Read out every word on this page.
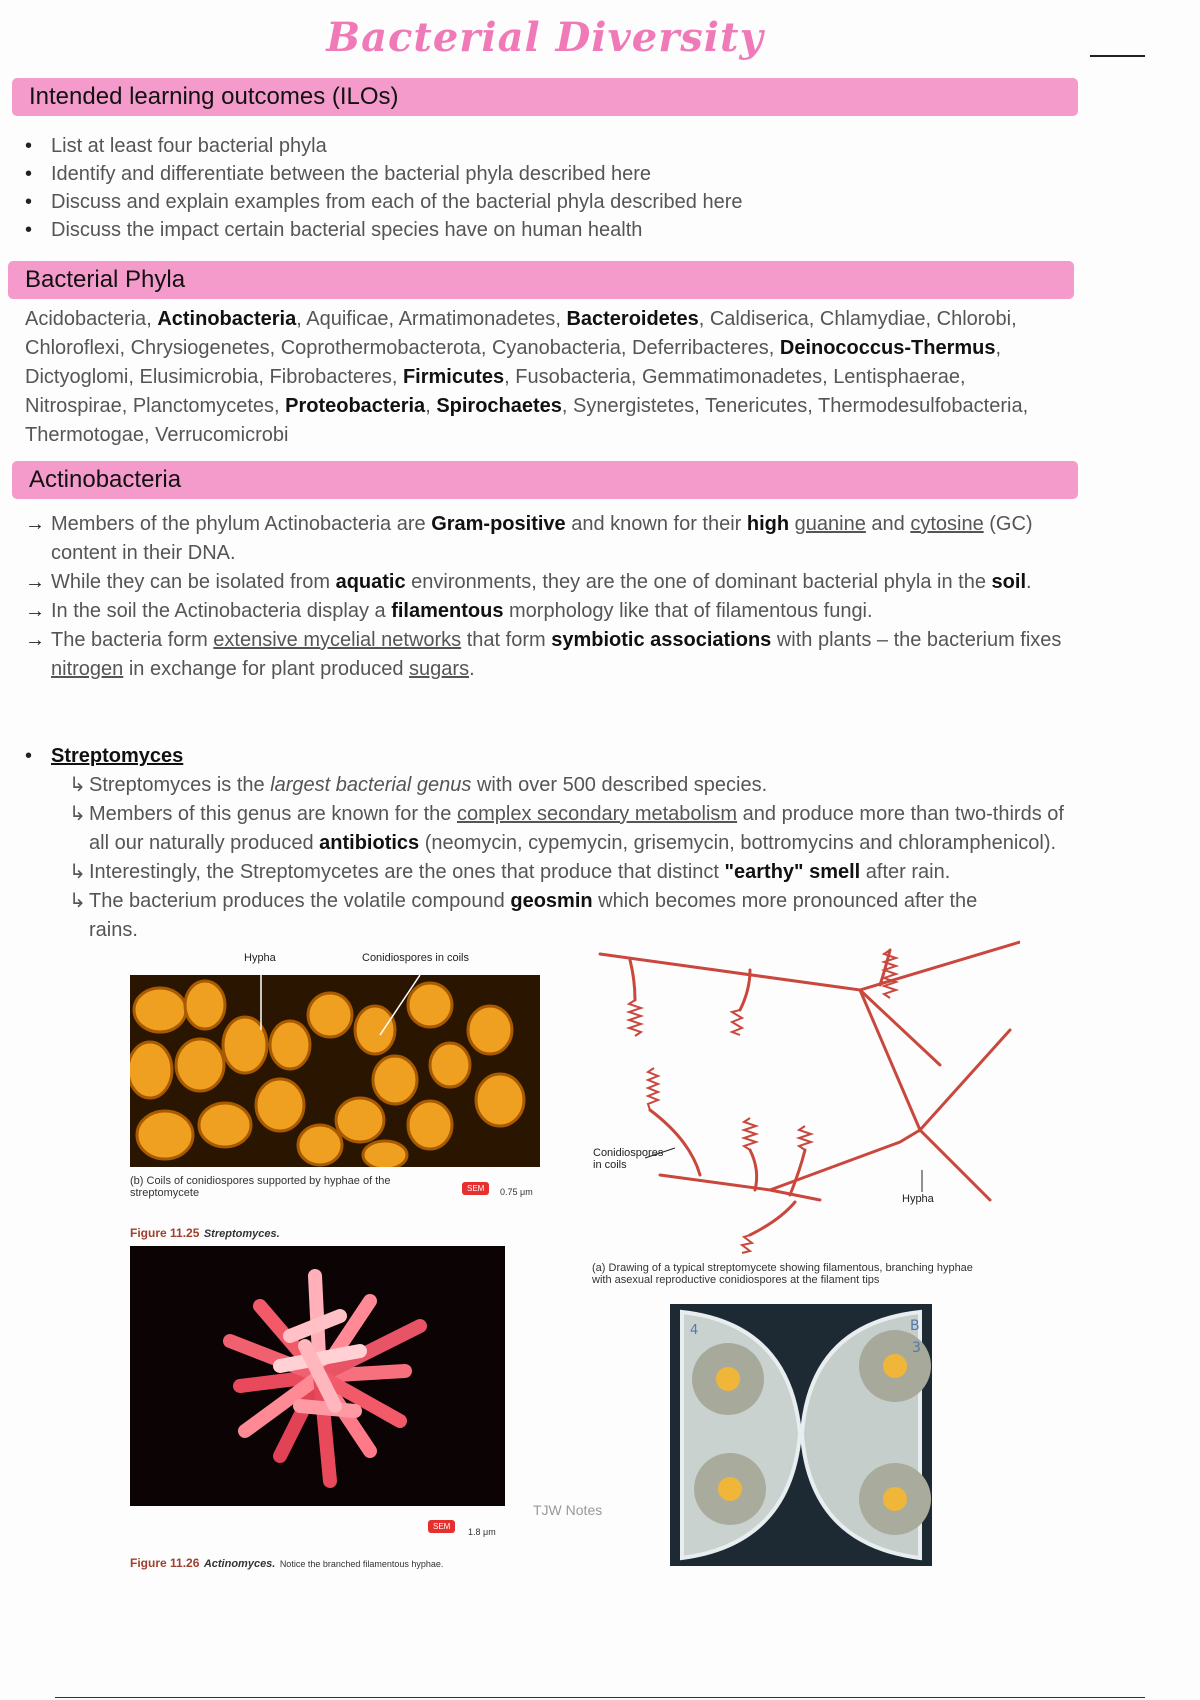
Bacterial Diversity
Intended learning outcomes (ILOs)
• List at least four bacterial phyla
• Identify and differentiate between the bacterial phyla described here
• Discuss and explain examples from each of the bacterial phyla described here
• Discuss the impact certain bacterial species have on human health
Bacterial Phyla
Acidobacteria, Actinobacteria, Aquificae, Armatimonadetes, Bacteroidetes, Caldiserica, Chlamydiae, Chlorobi, Chloroflexi, Chrysiogenetes, Coprothermobacterota, Cyanobacteria, Deferribacteres, Deinococcus-Thermus, Dictyoglomi, Elusimicrobia, Fibrobacteres, Firmicutes, Fusobacteria, Gemmatimonadetes, Lentisphaerae, Nitrospirae, Planctomycetes, Proteobacteria, Spirochaetes, Synergistetes, Tenericutes, Thermodesulfobacteria, Thermotogae, Verrucomicrobi
Actinobacteria
→ Members of the phylum Actinobacteria are Gram-positive and known for their high guanine and cytosine (GC) content in their DNA.
→ While they can be isolated from aquatic environments, they are the one of dominant bacterial phyla in the soil.
→ In the soil the Actinobacteria display a filamentous morphology like that of filamentous fungi.
→ The bacteria form extensive mycelial networks that form symbiotic associations with plants – the bacterium fixes nitrogen in exchange for plant produced sugars.
• Streptomyces
↳ Streptomyces is the largest bacterial genus with over 500 described species.
↳ Members of this genus are known for the complex secondary metabolism and produce more than two-thirds of all our naturally produced antibiotics (neomycin, cypemycin, grisemycin, bottromycins and chloramphenicol).
↳ Interestingly, the Streptomycetes are the ones that produce that distinct "earthy" smell after rain.
↳ The bacterium produces the volatile compound geosmin which becomes more pronounced after the rains.
Hypha	Conidiospores in coils
(b) Coils of conidiospores supported by hyphae of the streptomycete	SEM	0.75 μm
Figure 11.25 Streptomyces.
SEM
1.8 μm
Figure 11.26 Actinomyces. Notice the branched filamentous hyphae.
TJW Notes
Conidiospores
in coils
Hypha
(a) Drawing of a typical streptomycete showing filamentous, branching hyphae with asexual reproductive conidiospores at the filament tips
4	B
3
